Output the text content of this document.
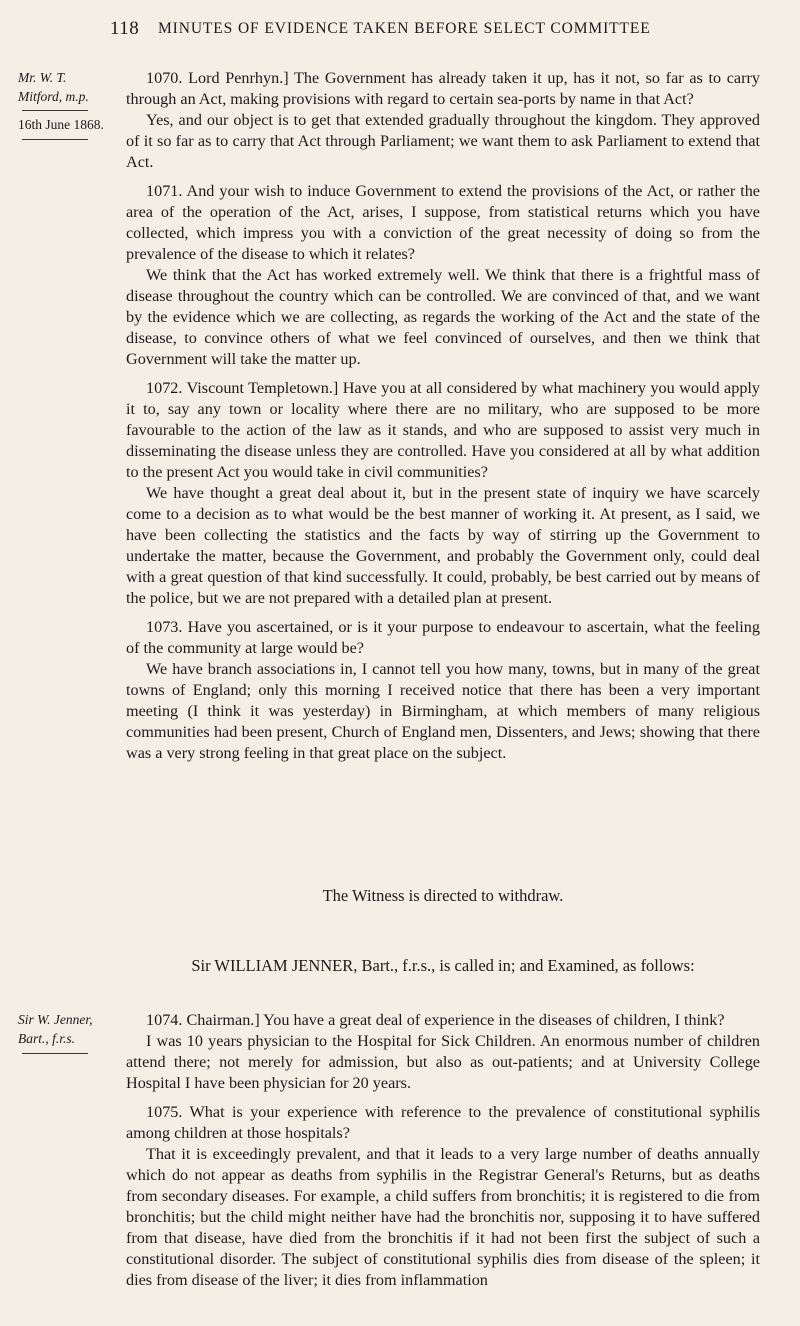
118 MINUTES OF EVIDENCE TAKEN BEFORE SELECT COMMITTEE
Mr. W. T.
Mitford, m.p.
16th June 1868.

1070. Lord Penrhyn.] The Government has already taken it up, has it not, so far as to carry through an Act, making provisions with regard to certain sea-ports by name in that Act?

Yes, and our object is to get that extended gradually throughout the kingdom. They approved of it so far as to carry that Act through Parliament; we want them to ask Parliament to extend that Act.

1071. And your wish to induce Government to extend the provisions of the Act, or rather the area of the operation of the Act, arises, I suppose, from statistical returns which you have collected, which impress you with a conviction of the great necessity of doing so from the prevalence of the disease to which it relates?

We think that the Act has worked extremely well. We think that there is a frightful mass of disease throughout the country which can be controlled. We are convinced of that, and we want by the evidence which we are collecting, as regards the working of the Act and the state of the disease, to convince others of what we feel convinced of ourselves, and then we think that Government will take the matter up.

1072. Viscount Templetown.] Have you at all considered by what machinery you would apply it to, say any town or locality where there are no military, who are supposed to be more favourable to the action of the law as it stands, and who are supposed to assist very much in disseminating the disease unless they are controlled. Have you considered at all by what addition to the present Act you would take in civil communities?

We have thought a great deal about it, but in the present state of inquiry we have scarcely come to a decision as to what would be the best manner of working it. At present, as I said, we have been collecting the statistics and the facts by way of stirring up the Government to undertake the matter, because the Government, and probably the Government only, could deal with a great question of that kind successfully. It could, probably, be best carried out by means of the police, but we are not prepared with a detailed plan at present.

1073. Have you ascertained, or is it your purpose to endeavour to ascertain, what the feeling of the community at large would be?

We have branch associations in, I cannot tell you how many, towns, but in many of the great towns of England; only this morning I received notice that there has been a very important meeting (I think it was yesterday) in Birmingham, at which members of many religious communities had been present, Church of England men, Dissenters, and Jews; showing that there was a very strong feeling in that great place on the subject.

The Witness is directed to withdraw.
Sir WILLIAM JENNER, Bart., f.r.s., is called in; and Examined, as follows:
Sir W. Jenner,
Bart., f.r.s.

1074. Chairman.] You have a great deal of experience in the diseases of children, I think?

I was 10 years physician to the Hospital for Sick Children. An enormous number of children attend there; not merely for admission, but also as out-patients; and at University College Hospital I have been physician for 20 years.

1075. What is your experience with reference to the prevalence of constitutional syphilis among children at those hospitals?

That it is exceedingly prevalent, and that it leads to a very large number of deaths annually which do not appear as deaths from syphilis in the Registrar General's Returns, but as deaths from secondary diseases. For example, a child suffers from bronchitis; it is registered to die from bronchitis; but the child might neither have had the bronchitis nor, supposing it to have suffered from that disease, have died from the bronchitis if it had not been first the subject of such a constitutional disorder. The subject of constitutional syphilis dies from disease of the spleen; it dies from disease of the liver; it dies from inflammation
